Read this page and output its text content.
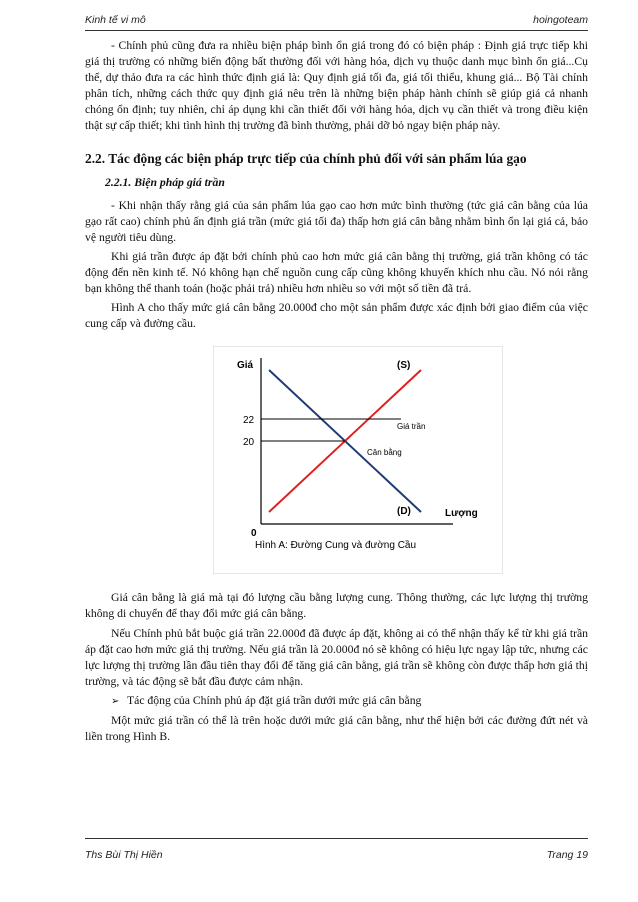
Kinh tế vi mô	hoingoteam

- Chính phủ cũng đưa ra nhiều biện pháp bình ổn giá trong đó có biện pháp : Định giá trực tiếp khi giá thị trường có những biến động bất thường đối với hàng hóa, dịch vụ thuộc danh mục bình ổn giá...Cụ thể, dự thảo đưa ra các hình thức định giá là: Quy định giá tối đa, giá tối thiểu, khung giá... Bộ Tài chính phân tích, những cách thức quy định giá nêu trên là những biện pháp hành chính sẽ giúp giá cả nhanh chóng ổn định; tuy nhiên, chỉ áp dụng khi cần thiết đối với hàng hóa, dịch vụ cần thiết và trong điều kiện thật sự cấp thiết; khi tình hình thị trường đã bình thường, phải dỡ bỏ ngay biện pháp này.

2.2. Tác động các biện pháp trực tiếp của chính phủ đối với sản phẩm lúa gạo
2.2.1. Biện pháp giá trần

- Khi nhận thấy rằng giá của sản phẩm lúa gạo cao hơn mức bình thường (tức giá cân bằng của lúa gạo rất cao) chính phủ ấn định giá trần (mức giá tối đa) thấp hơn giá cân bằng nhằm bình ổn lại giá cả, bảo vệ người tiêu dùng.

Khi giá trần được áp đặt bởi chính phủ cao hơn mức giá cân bằng thị trường, giá trần không có tác động đến nền kinh tế. Nó không hạn chế nguồn cung cấp cũng không khuyến khích nhu cầu. Nó nói rằng bạn không thể thanh toán (hoặc phải trả) nhiều hơn nhiều so với một số tiền đã trả.

Hình A cho thấy mức giá cân bằng 20.000đ cho một sản phẩm được xác định bởi giao điểm của việc cung cấp và đường cầu.

Giá
Lượng
0
22
20
(S)
(D)
Giá trần
Cân bằng
Hình A: Đường Cung và đường Cầu

Giá cân bằng là giá mà tại đó lượng cầu bằng lượng cung. Thông thường, các lực lượng thị trường không di chuyển để thay đổi mức giá cân bằng.

Nếu Chính phủ bắt buộc giá trần 22.000đ đã được áp đặt, không ai có thể nhận thấy kể từ khi giá trần áp đặt cao hơn mức giá thị trường. Nếu giá trần là 20.000đ nó sẽ không có hiệu lực ngay lập tức, nhưng các lực lượng thị trường lần đầu tiên thay đổi để tăng giá cân bằng, giá trần sẽ không còn được thấp hơn giá thị trường, và tác động sẽ bắt đầu được cảm nhận.

➢ Tác động của Chính phủ áp đặt giá trần dưới mức giá cân bằng

Một mức giá trần có thể là trên hoặc dưới mức giá cân bằng, như thể hiện bởi các đường đứt nét và liền trong Hình B.

Ths Bùi Thị Hiền	Trang 19
